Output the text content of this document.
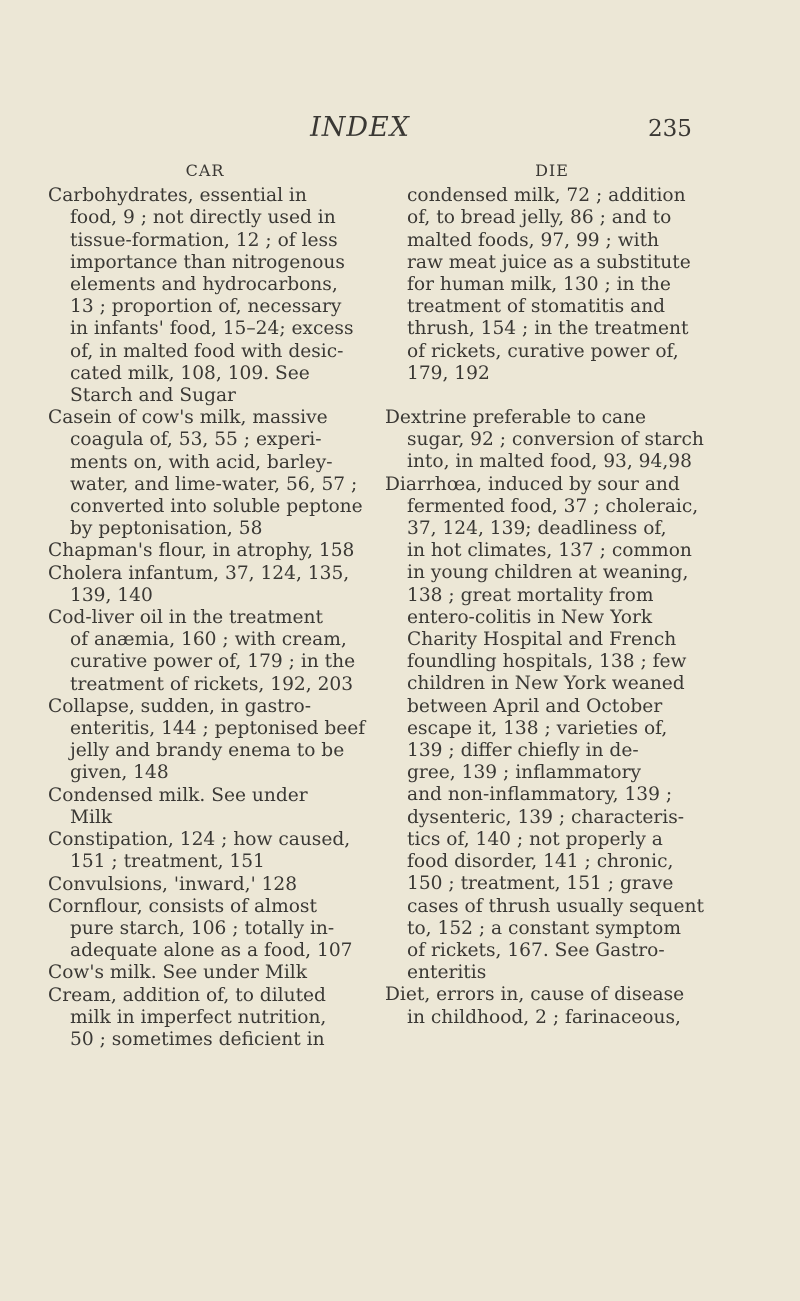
INDEX	235
CAR
Carbohydrates, essential in
food, 9 ; not directly used in
tissue-formation, 12 ; of less
importance than nitrogenous
elements and hydrocarbons,
13 ; proportion of, necessary
in infants' food, 15–24; excess
of, in malted food with desic-
cated milk, 108, 109. See
Starch and Sugar
Casein of cow's milk, massive
coagula of, 53, 55 ; experi-
ments on, with acid, barley-
water, and lime-water, 56, 57 ;
converted into soluble peptone
by peptonisation, 58
Chapman's flour, in atrophy, 158
Cholera infantum, 37, 124, 135,
139, 140
Cod-liver oil in the treatment
of anæmia, 160 ; with cream,
curative power of, 179 ; in the
treatment of rickets, 192, 203
Collapse, sudden, in gastro-
enteritis, 144 ; peptonised beef
jelly and brandy enema to be
given, 148
Condensed milk. See under
Milk
Constipation, 124 ; how caused,
151 ; treatment, 151
Convulsions, 'inward,' 128
Cornflour, consists of almost
pure starch, 106 ; totally in-
adequate alone as a food, 107
Cow's milk. See under Milk
Cream, addition of, to diluted
milk in imperfect nutrition,
50 ; sometimes deficient in
DIE
condensed milk, 72 ; addition
of, to bread jelly, 86 ; and to
malted foods, 97, 99 ; with
raw meat juice as a substitute
for human milk, 130 ; in the
treatment of stomatitis and
thrush, 154 ; in the treatment
of rickets, curative power of,
179, 192
Dextrine preferable to cane
sugar, 92 ; conversion of starch
into, in malted food, 93, 94,98
Diarrhœa, induced by sour and
fermented food, 37 ; choleraic,
37, 124, 139; deadliness of,
in hot climates, 137 ; common
in young children at weaning,
138 ; great mortality from
entero-colitis in New York
Charity Hospital and French
foundling hospitals, 138 ; few
children in New York weaned
between April and October
escape it, 138 ; varieties of,
139 ; differ chiefly in de-
gree, 139 ; inflammatory
and non-inflammatory, 139 ;
dysenteric, 139 ; characteris-
tics of, 140 ; not properly a
food disorder, 141 ; chronic,
150 ; treatment, 151 ; grave
cases of thrush usually sequent
to, 152 ; a constant symptom
of rickets, 167. See Gastro-
enteritis
Diet, errors in, cause of disease
in childhood, 2 ; farinaceous,
